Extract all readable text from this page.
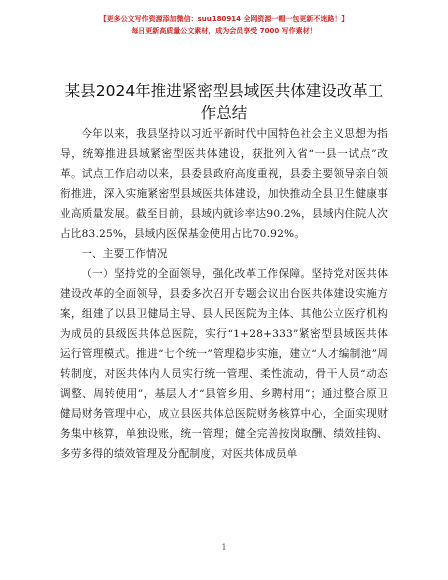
【更多公文写作资源添加微信：suu180914 全网资源一帽一包更新不迷路！】
每日更新高质量公文素材，成为会员享受 7000 写作素材！
某县2024年推进紧密型县域医共体建设改革工作总结

今年以来，我县坚持以习近平新时代中国特色社会主义思想为指导，统筹推进县域紧密型医共体建设，获批列入省“一县一试点”改革。试点工作启动以来，县委县政府高度重视，县委主要领导亲自领衔推进，深入实施紧密型县域医共体建设，加快推动全县卫生健康事业高质量发展。截至目前，县域内就诊率达90.2%，县域内住院人次占比83.25%，县域内医保基金使用占比70.92%。

一、主要工作情况

（一）坚持党的全面领导，强化改革工作保障。坚持党对医共体建设改革的全面领导，县委多次召开专题会议出台医共体建设实施方案，组建了以县卫健局主导、县人民医院为主体、其他公立医疗机构为成员的县级医共体总医院，实行“1+28+333”紧密型县域医共体运行管理模式。推进“七个统一”管理稳步实施，建立“人才编制池”周转制度，对医共体内人员实行统一管理、柔性流动，骨干人员“动态调整、周转使用”，基层人才“县管乡用、乡聘村用”；通过整合原卫健局财务管理中心，成立县医共体总医院财务核算中心，全面实现财务集中核算，单独设账，统一管理；健全完善按岗取酬、绩效挂钩、多劳多得的绩效管理及分配制度，对医共体成员单

1
